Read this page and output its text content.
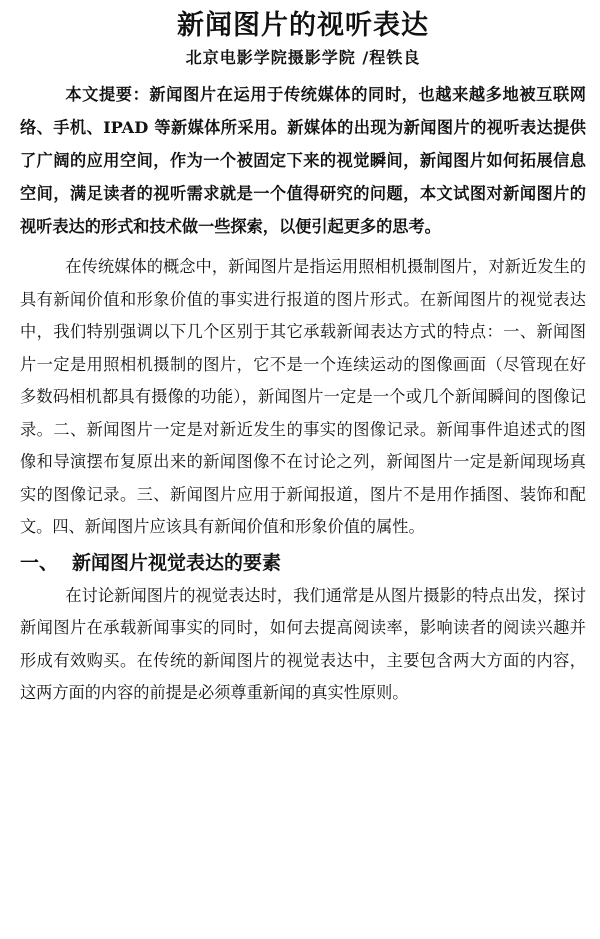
新闻图片的视听表达

北京电影学院摄影学院 /程铁良

本文提要：新闻图片在运用于传统媒体的同时，也越来越多地被互联网络、手机、IPAD 等新媒体所采用。新媒体的出现为新闻图片的视听表达提供了广阔的应用空间，作为一个被固定下来的视觉瞬间，新闻图片如何拓展信息空间，满足读者的视听需求就是一个值得研究的问题，本文试图对新闻图片的视听表达的形式和技术做一些探索，以便引起更多的思考。

在传统媒体的概念中，新闻图片是指运用照相机摄制图片，对新近发生的具有新闻价值和形象价值的事实进行报道的图片形式。在新闻图片的视觉表达中，我们特别强调以下几个区别于其它承载新闻表达方式的特点：一、新闻图片一定是用照相机摄制的图片，它不是一个连续运动的图像画面（尽管现在好多数码相机都具有摄像的功能），新闻图片一定是一个或几个新闻瞬间的图像记录。二、新闻图片一定是对新近发生的事实的图像记录。新闻事件追述式的图像和导演摆布复原出来的新闻图像不在讨论之列，新闻图片一定是新闻现场真实的图像记录。三、新闻图片应用于新闻报道，图片不是用作插图、装饰和配文。四、新闻图片应该具有新闻价值和形象价值的属性。

一、 新闻图片视觉表达的要素

在讨论新闻图片的视觉表达时，我们通常是从图片摄影的特点出发，探讨新闻图片在承载新闻事实的同时，如何去提高阅读率，影响读者的阅读兴趣并形成有效购买。在传统的新闻图片的视觉表达中，主要包含两大方面的内容，这两方面的内容的前提是必须尊重新闻的真实性原则。
